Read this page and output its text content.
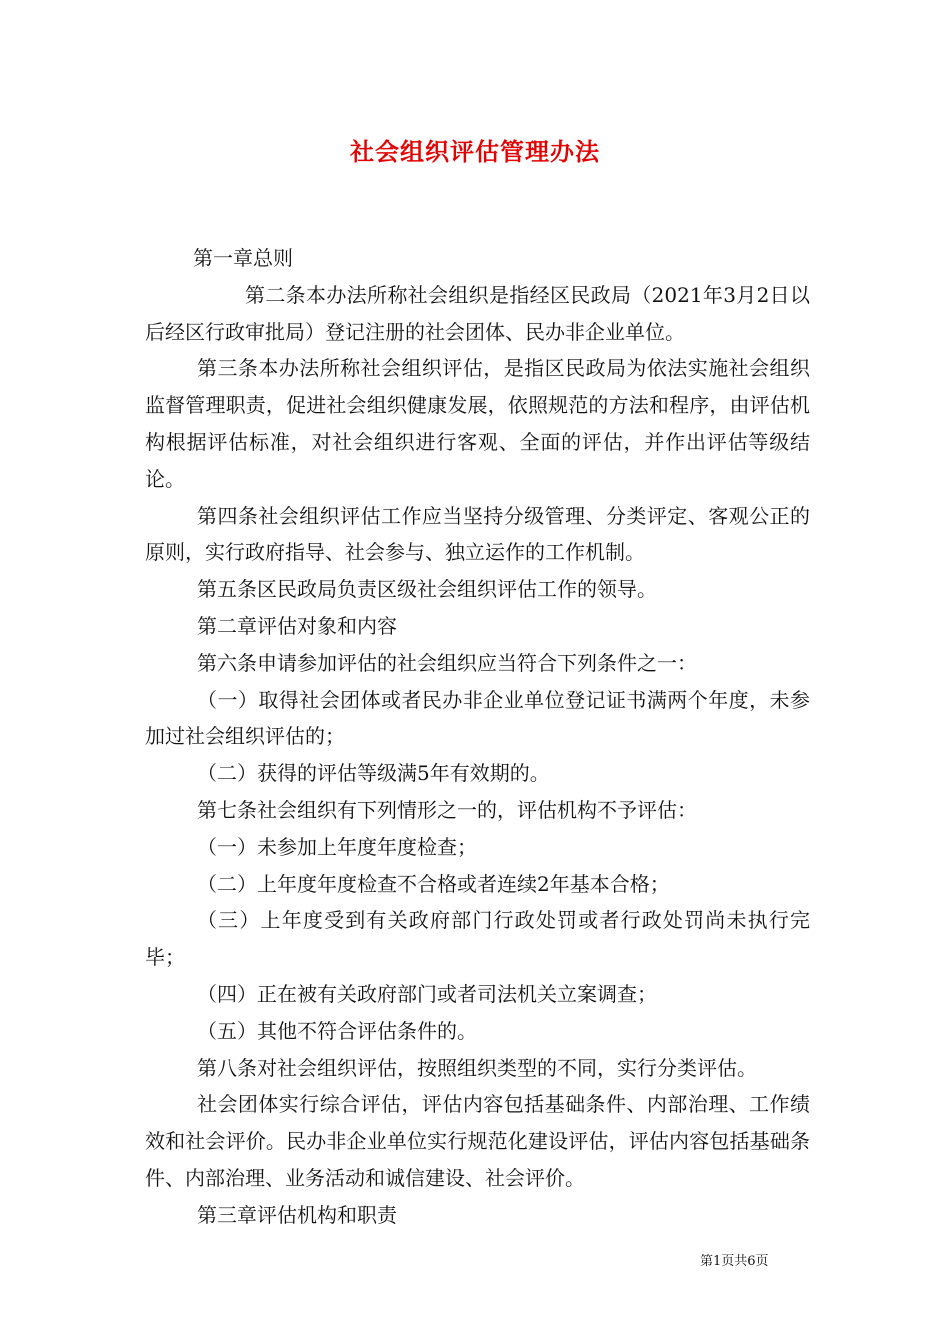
社会组织评估管理办法

第一章总则

第二条本办法所称社会组织是指经区民政局（2021年3月2日以后经区行政审批局）登记注册的社会团体、民办非企业单位。

第三条本办法所称社会组织评估，是指区民政局为依法实施社会组织监督管理职责，促进社会组织健康发展，依照规范的方法和程序，由评估机构根据评估标准，对社会组织进行客观、全面的评估，并作出评估等级结论。

第四条社会组织评估工作应当坚持分级管理、分类评定、客观公正的原则，实行政府指导、社会参与、独立运作的工作机制。

第五条区民政局负责区级社会组织评估工作的领导。

第二章评估对象和内容

第六条申请参加评估的社会组织应当符合下列条件之一：

（一）取得社会团体或者民办非企业单位登记证书满两个年度，未参加过社会组织评估的；

（二）获得的评估等级满5年有效期的。

第七条社会组织有下列情形之一的，评估机构不予评估：

（一）未参加上年度年度检查；

（二）上年度年度检查不合格或者连续2年基本合格；

（三）上年度受到有关政府部门行政处罚或者行政处罚尚未执行完毕；

（四）正在被有关政府部门或者司法机关立案调查；

（五）其他不符合评估条件的。

第八条对社会组织评估，按照组织类型的不同，实行分类评估。

社会团体实行综合评估，评估内容包括基础条件、内部治理、工作绩效和社会评价。民办非企业单位实行规范化建设评估，评估内容包括基础条件、内部治理、业务活动和诚信建设、社会评价。

第三章评估机构和职责

第1页共6页
